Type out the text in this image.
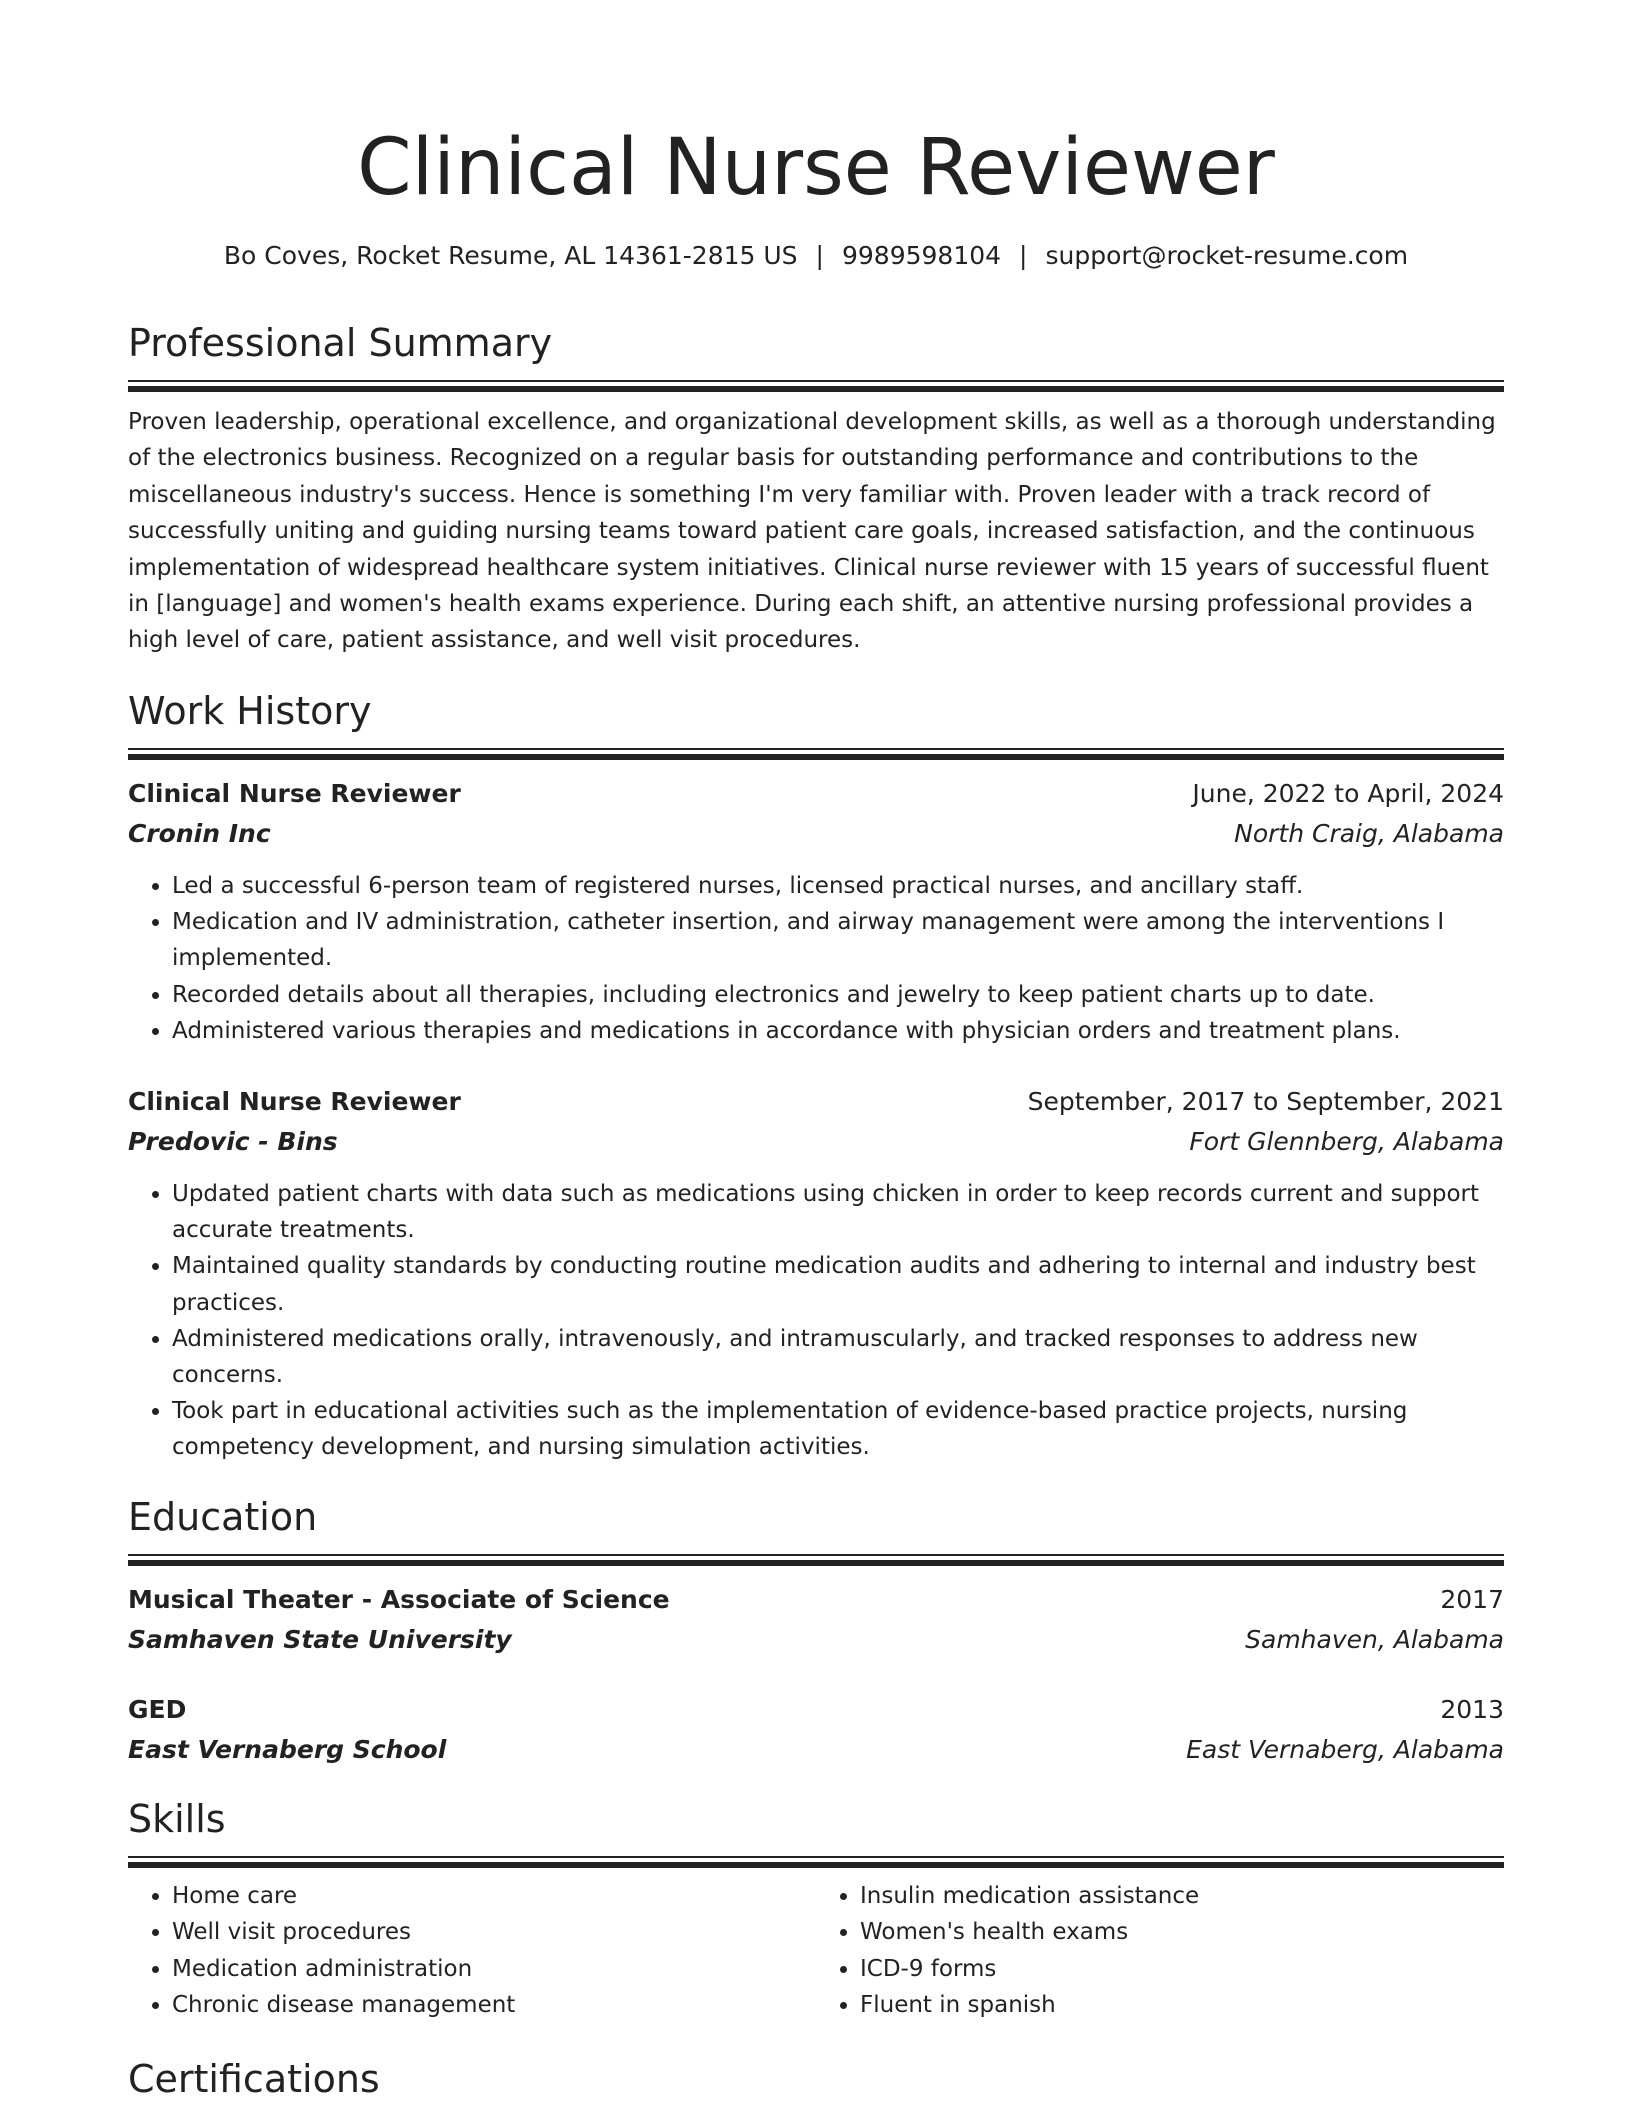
Clinical Nurse Reviewer
Bo Coves, Rocket Resume, AL 14361-2815 US | 9989598104 | support@rocket-resume.com
Professional Summary
Proven leadership, operational excellence, and organizational development skills, as well as a thorough understanding of the electronics business. Recognized on a regular basis for outstanding performance and contributions to the miscellaneous industry's success. Hence is something I'm very familiar with. Proven leader with a track record of successfully uniting and guiding nursing teams toward patient care goals, increased satisfaction, and the continuous implementation of widespread healthcare system initiatives. Clinical nurse reviewer with 15 years of successful fluent in [language] and women's health exams experience. During each shift, an attentive nursing professional provides a high level of care, patient assistance, and well visit procedures.
Work History
Clinical Nurse Reviewer	June, 2022 to April, 2024
Cronin Inc	North Craig, Alabama
• Led a successful 6-person team of registered nurses, licensed practical nurses, and ancillary staff.
• Medication and IV administration, catheter insertion, and airway management were among the interventions I implemented.
• Recorded details about all therapies, including electronics and jewelry to keep patient charts up to date.
• Administered various therapies and medications in accordance with physician orders and treatment plans.
Clinical Nurse Reviewer	September, 2017 to September, 2021
Predovic - Bins	Fort Glennberg, Alabama
• Updated patient charts with data such as medications using chicken in order to keep records current and support accurate treatments.
• Maintained quality standards by conducting routine medication audits and adhering to internal and industry best practices.
• Administered medications orally, intravenously, and intramuscularly, and tracked responses to address new concerns.
• Took part in educational activities such as the implementation of evidence-based practice projects, nursing competency development, and nursing simulation activities.
Education
Musical Theater - Associate of Science	2017
Samhaven State University	Samhaven, Alabama
GED	2013
East Vernaberg School	East Vernaberg, Alabama
Skills
• Home care
• Well visit procedures
• Medication administration
• Chronic disease management
• Insulin medication assistance
• Women's health exams
• ICD-9 forms
• Fluent in spanish
Certifications
